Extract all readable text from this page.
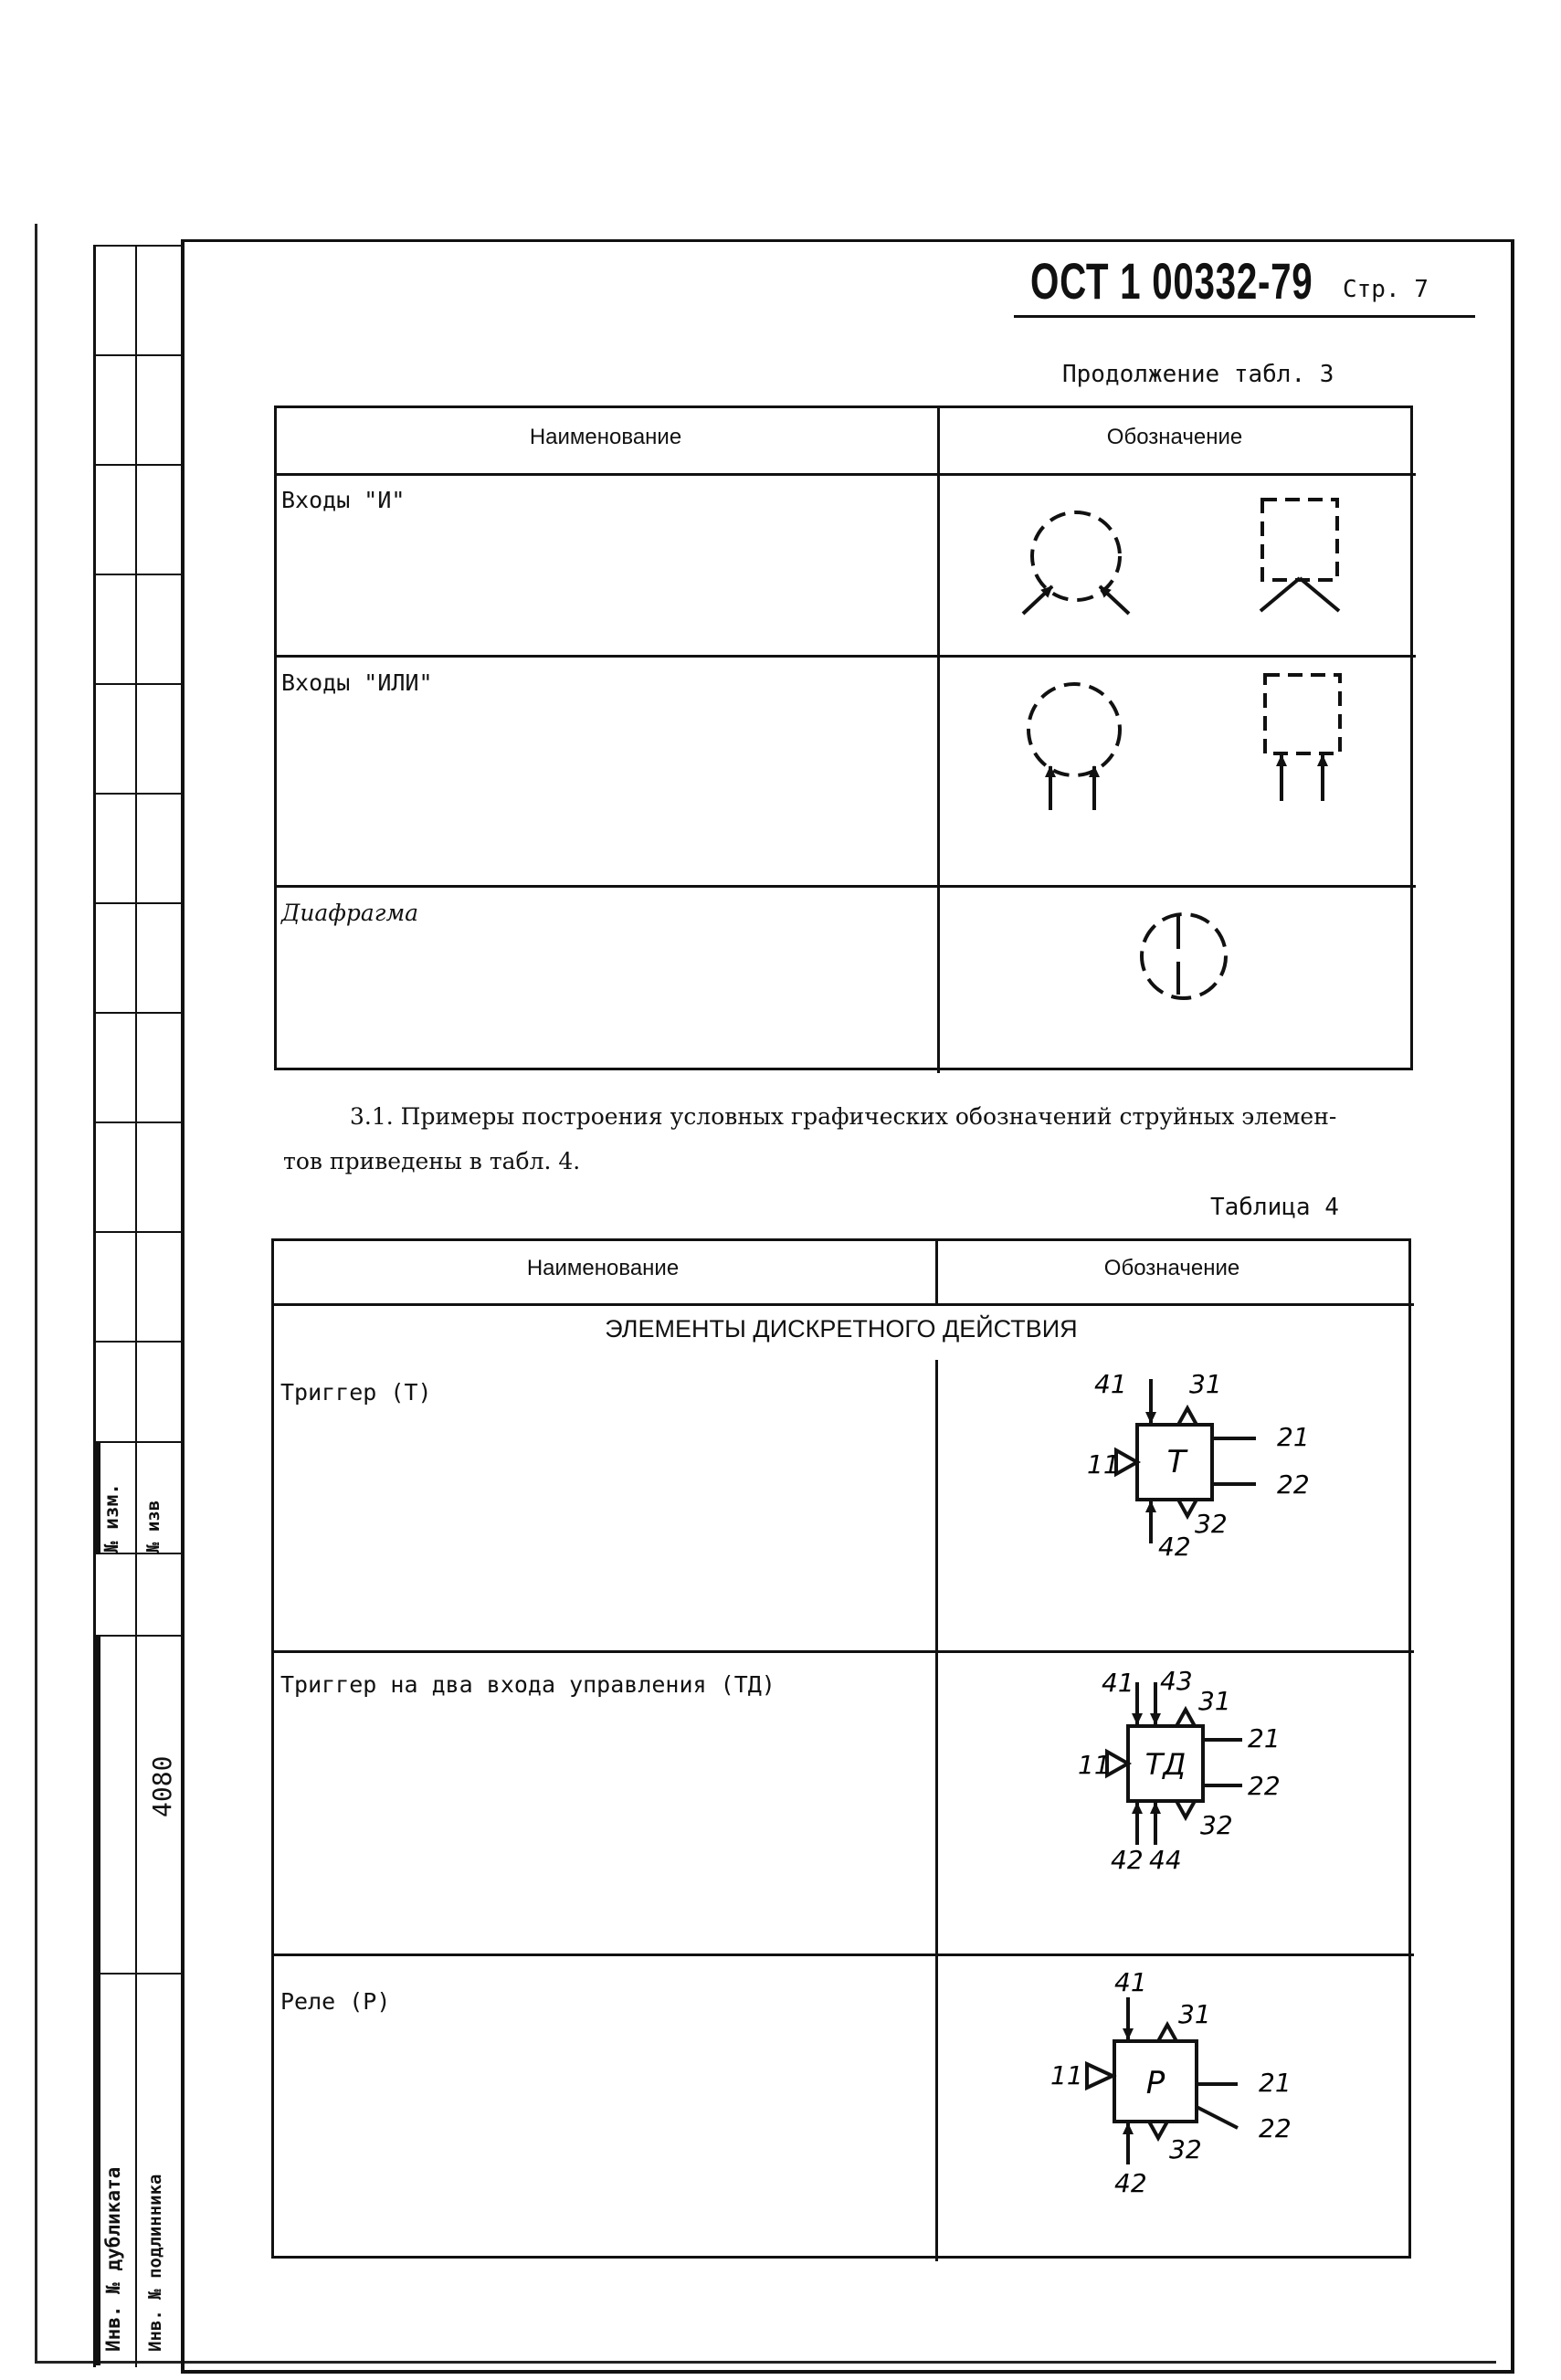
№ изм. № изв
4080
Инв. № дубликата Инв. № подлинника
ОСТ 1 00332-79 Стр. 7
Продолжение табл. 3
Наименование	Обозначение
Входы "И"
Входы "ИЛИ"
Диафрагма
3.1. Примеры построения условных графических обозначений струйных элемен-
тов приведены в табл. 4.
Таблица 4
Наименование	Обозначение
ЭЛЕМЕНТЫ ДИСКРЕТНОГО ДЕЙСТВИЯ
Триггер (Т)
Триггер на два входа управления (ТД)
Реле (Р)
Т
41 31
21
22
11
32
42
ТД
41 43
31
21
22
11
32
42 44
Р
41
31
21
22
11
32
42
